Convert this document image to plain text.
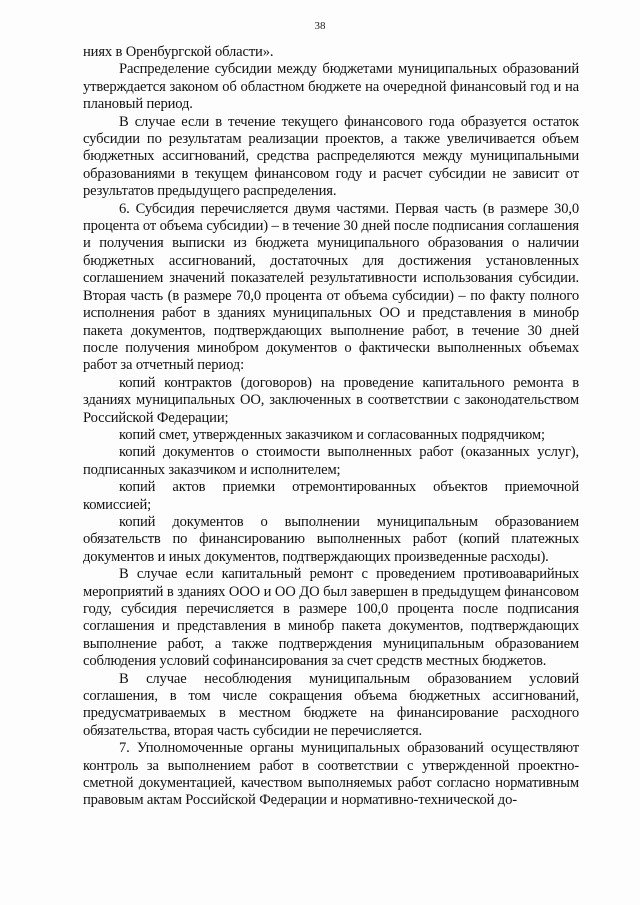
38

ниях в Оренбургской области».

Распределение субсидии между бюджетами муниципальных образований утверждается законом об областном бюджете на очередной финансовый год и на плановый период.

В случае если в течение текущего финансового года образуется остаток субсидии по результатам реализации проектов, а также увеличивается объем бюджетных ассигнований, средства распределяются между муниципальными образованиями в текущем финансовом году и расчет субсидии не зависит от результатов предыдущего распределения.

6. Субсидия перечисляется двумя частями. Первая часть (в размере 30,0 процента от объема субсидии) – в течение 30 дней после подписания соглашения и получения выписки из бюджета муниципального образования о наличии бюджетных ассигнований, достаточных для достижения установленных соглашением значений показателей результативности использования субсидии. Вторая часть (в размере 70,0 процента от объема субсидии) – по факту полного исполнения работ в зданиях муниципальных ОО и представления в минобр пакета документов, подтверждающих выполнение работ, в течение 30 дней после получения минобром документов о фактически выполненных объемах работ за отчетный период:

копий контрактов (договоров) на проведение капитального ремонта в зданиях муниципальных ОО, заключенных в соответствии с законодательством Российской Федерации;

копий смет, утвержденных заказчиком и согласованных подрядчиком;

копий документов о стоимости выполненных работ (оказанных услуг), подписанных заказчиком и исполнителем;

копий актов приемки отремонтированных объектов приемочной комиссией;

копий документов о выполнении муниципальным образованием обязательств по финансированию выполненных работ (копий платежных документов и иных документов, подтверждающих произведенные расходы).

В случае если капитальный ремонт с проведением противоаварийных мероприятий в зданиях ООО и ОО ДО был завершен в предыдущем финансовом году, субсидия перечисляется в размере 100,0 процента после подписания соглашения и представления в минобр пакета документов, подтверждающих выполнение работ, а также подтверждения муниципальным образованием соблюдения условий софинансирования за счет средств местных бюджетов.

В случае несоблюдения муниципальным образованием условий соглашения, в том числе сокращения объема бюджетных ассигнований, предусматриваемых в местном бюджете на финансирование расходного обязательства, вторая часть субсидии не перечисляется.

7. Уполномоченные органы муниципальных образований осуществляют контроль за выполнением работ в соответствии с утвержденной проектно-сметной документацией, качеством выполняемых работ согласно нормативным правовым актам Российской Федерации и нормативно-технической до-
